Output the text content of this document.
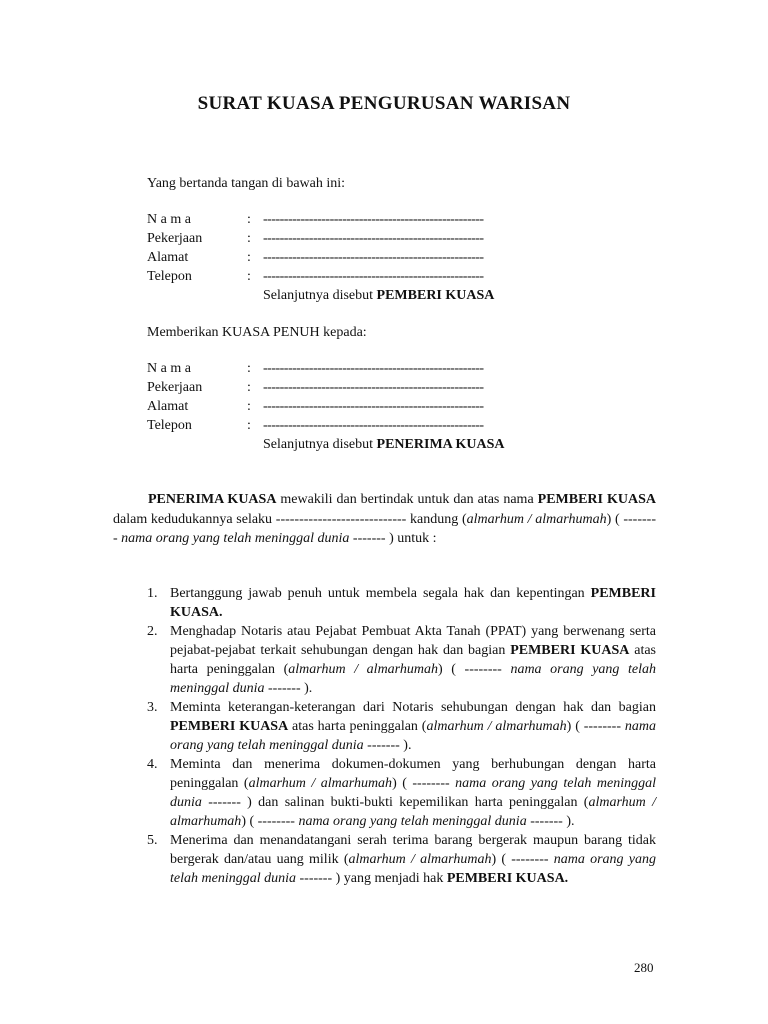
SURAT KUASA PENGURUSAN WARISAN
Yang bertanda tangan di bawah ini:
N a m a	: -----------------------------------------------------
Pekerjaan	: -----------------------------------------------------
Alamat	: -----------------------------------------------------
Telepon	: -----------------------------------------------------
Selanjutnya disebut PEMBERI KUASA
Memberikan KUASA PENUH kepada:
N a m a	: -----------------------------------------------------
Pekerjaan	: -----------------------------------------------------
Alamat	: -----------------------------------------------------
Telepon	: -----------------------------------------------------
Selanjutnya disebut PENERIMA KUASA
PENERIMA KUASA mewakili dan bertindak untuk dan atas nama PEMBERI KUASA dalam kedudukannya selaku ---------------------------- kandung (almarhum / almarhumah) ( -------- nama orang yang telah meninggal dunia ------- ) untuk :
1. Bertanggung jawab penuh untuk membela segala hak dan kepentingan PEMBERI KUASA.
2. Menghadap Notaris atau Pejabat Pembuat Akta Tanah (PPAT) yang berwenang serta pejabat-pejabat terkait sehubungan dengan hak dan bagian PEMBERI KUASA atas harta peninggalan (almarhum / almarhumah) ( -------- nama orang yang telah meninggal dunia ------- ).
3. Meminta keterangan-keterangan dari Notaris sehubungan dengan hak dan bagian PEMBERI KUASA atas harta peninggalan (almarhum / almarhumah) ( -------- nama orang yang telah meninggal dunia ------- ).
4. Meminta dan menerima dokumen-dokumen yang berhubungan dengan harta peninggalan (almarhum / almarhumah) ( -------- nama orang yang telah meninggal dunia ------- ) dan salinan bukti-bukti kepemilikan harta peninggalan (almarhum / almarhumah) ( -------- nama orang yang telah meninggal dunia ------- ).
5. Menerima dan menandatangani serah terima barang bergerak maupun barang tidak bergerak dan/atau uang milik (almarhum / almarhumah) ( -------- nama orang yang telah meninggal dunia ------- ) yang menjadi hak PEMBERI KUASA.
280
